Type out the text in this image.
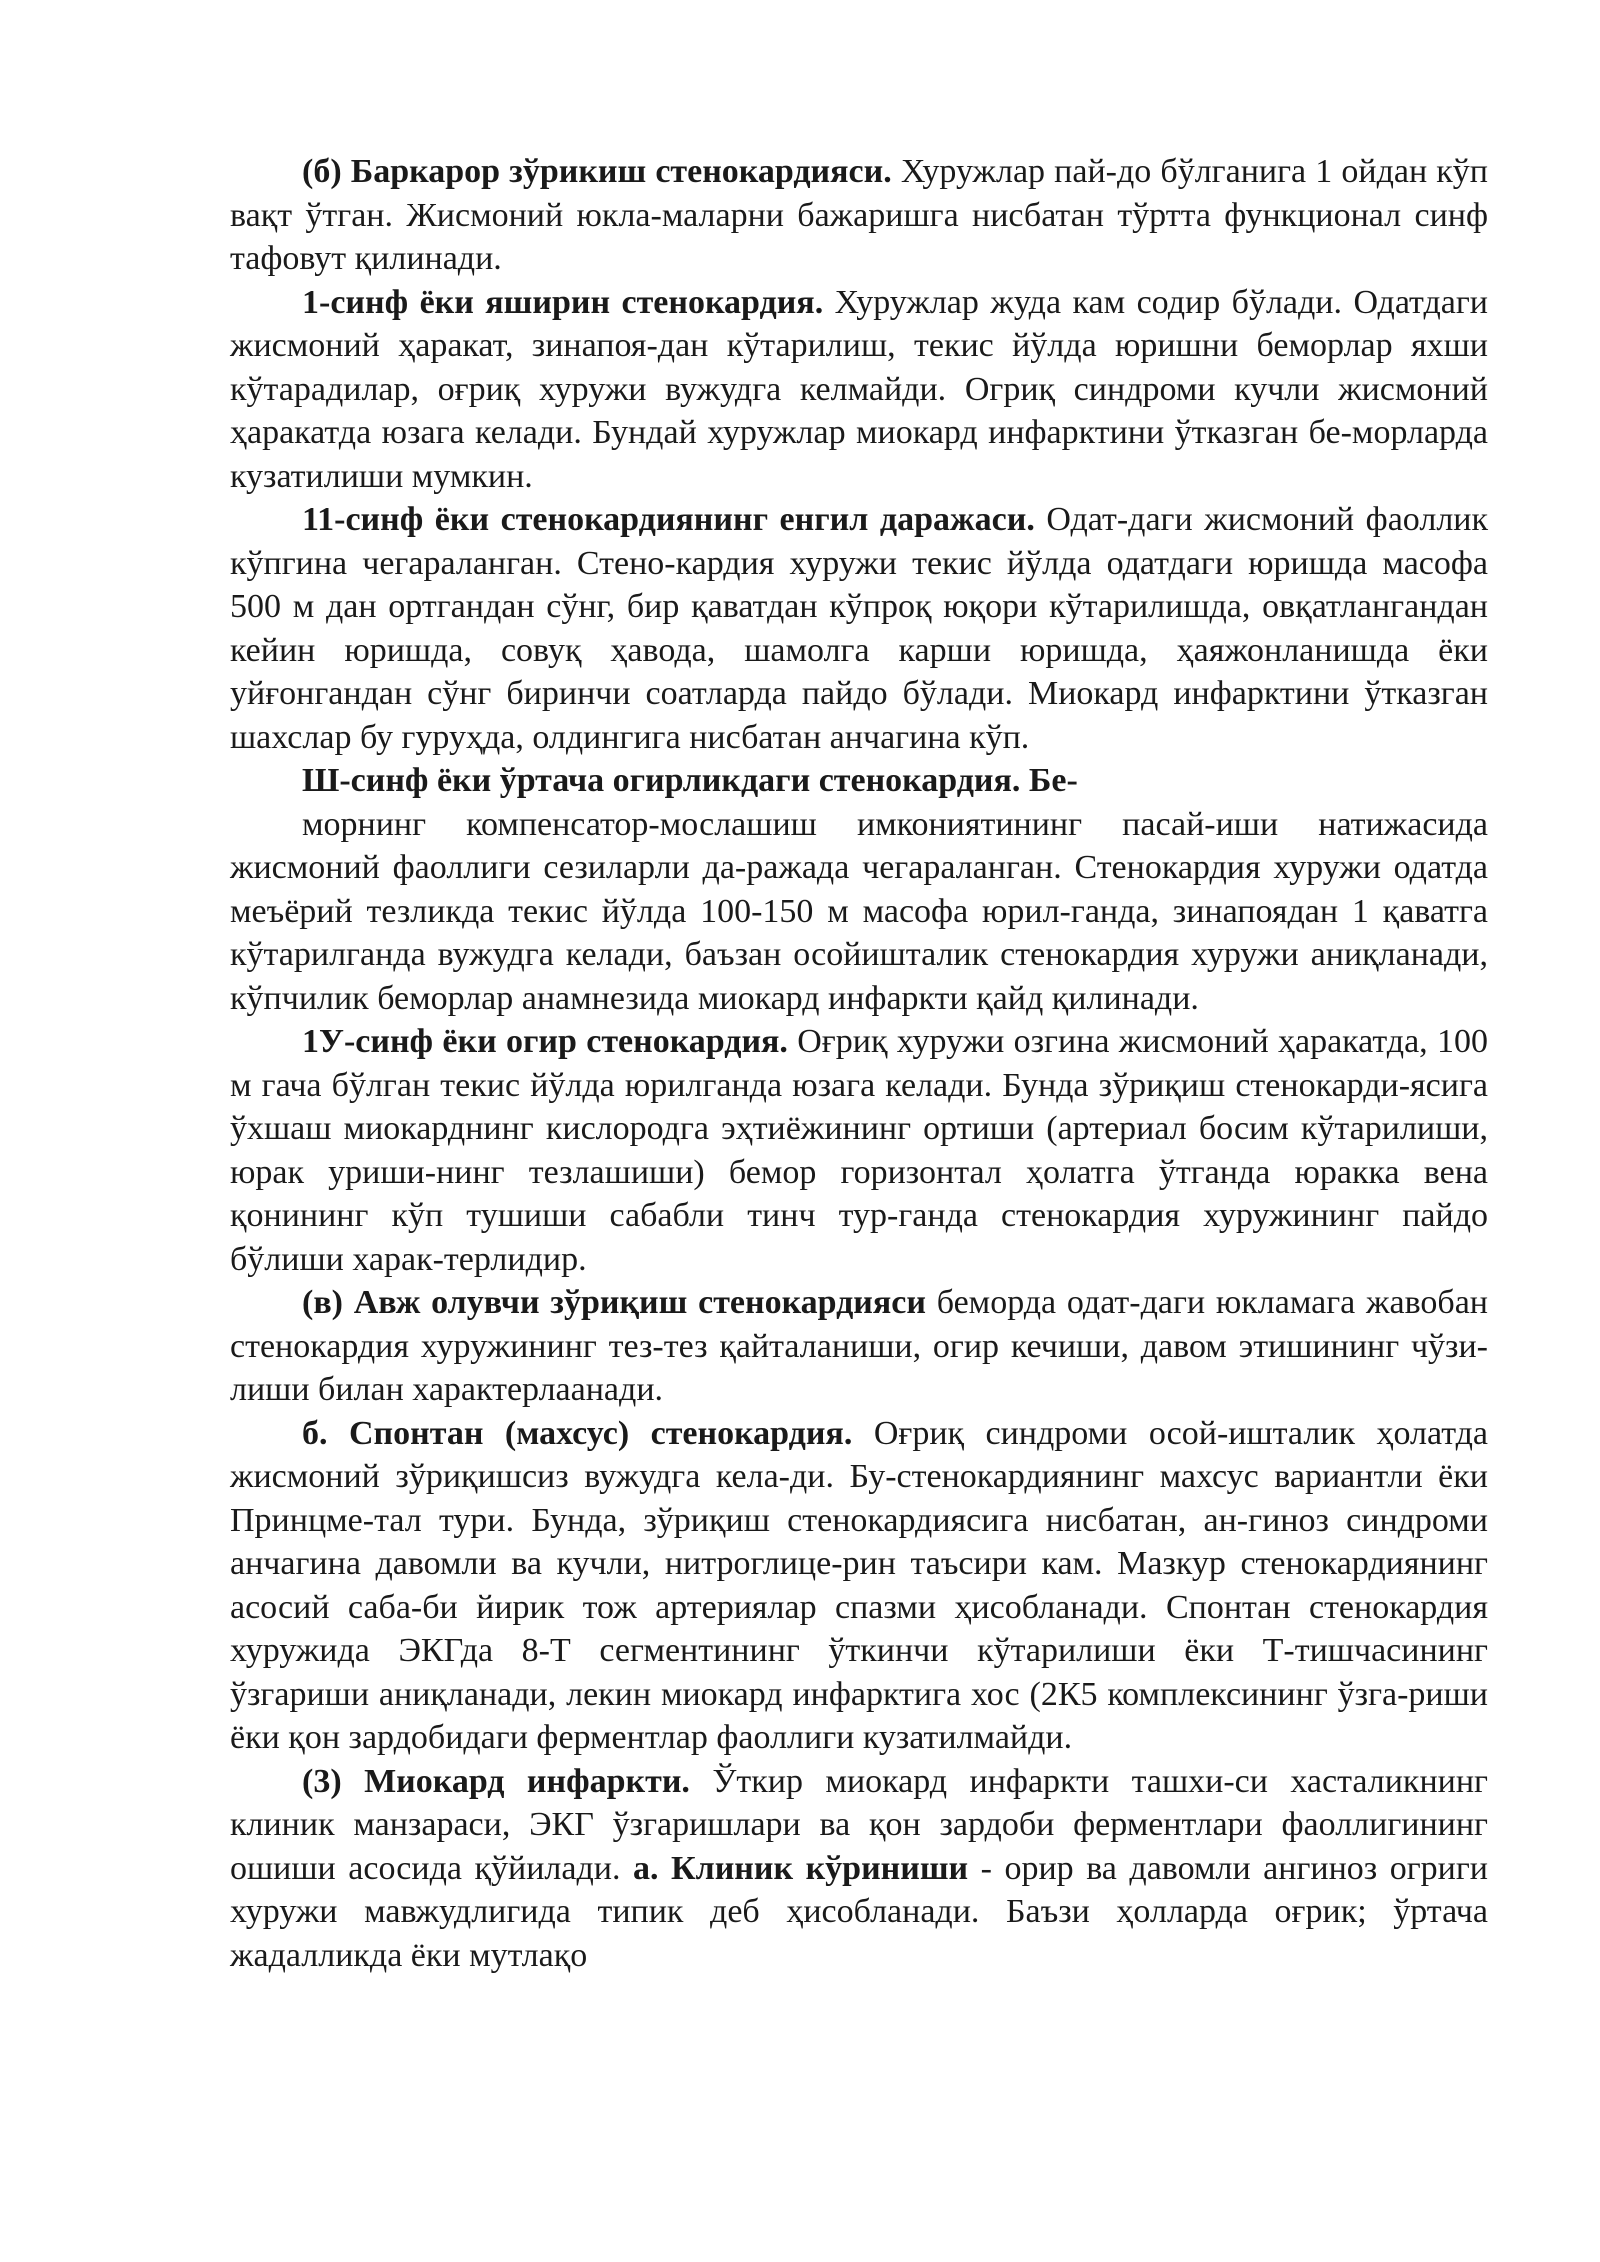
(б) Баркарор зўрикиш стенокардияси. Хуружлар пай-до бўлганига 1 ойдан кўп вақт ўтган. Жисмоний юкла-маларни бажаришга нисбатан тўртта функционал синф тафовут қилинади.

1-синф ёки яширин стенокардия. Хуружлар жуда кам содир бўлади. Одатдаги жисмоний ҳаракат, зинапоя-дан кўтарилиш, текис йўлда юришни беморлар яхши кўтарадилар, оғриқ хуружи вужудга келмайди. Огриқ синдроми кучли жисмоний ҳаракатда юзага келади. Бундай хуружлар миокард инфарктини ўтказган бе-морларда кузатилиши мумкин.

11-синф ёки стенокардиянинг енгил даражаси. Одат-даги жисмоний фаоллик кўпгина чегараланган. Стено-кардия хуружи текис йўлда одатдаги юришда масофа 500 м дан ортгандан сўнг, бир қаватдан кўпроқ юқори кўтарилишда, овқатлангандан кейин юришда, совуқ ҳавода, шамолга карши юришда, ҳаяжонланишда ёки уйғонгандан сўнг биринчи соатларда пайдо бўлади. Миокард инфарктини ўтказган шахслар бу гуруҳда, олдингига нисбатан анчагина кўп.

Ш-синф ёки ўртача огирликдаги стенокардия. Бе-

морнинг компенсатор-мослашиш имкониятининг пасай-иши натижасида жисмоний фаоллиги сезиларли да-ражада чегараланган. Стенокардия хуружи одатда меъёрий тезликда текис йўлда 100-150 м масофа юрил-ганда, зинапоядан 1 қаватга кўтарилганда вужудга келади, баъзан осойишталик стенокардия хуружи аниқланади, кўпчилик беморлар анамнезида миокард инфаркти қайд қилинади.

1У-синф ёки огир стенокардия. Оғриқ хуружи озгина жисмоний ҳаракатда, 100 м гача бўлган текис йўлда юрилганда юзага келади. Бунда зўриқиш стенокарди-ясига ўхшаш миокарднинг кислородга эҳтиёжининг ортиши (артериал босим кўтарилиши, юрак уриши-нинг тезлашиши) бемор горизонтал ҳолатга ўтганда юракка вена қонининг кўп тушиши сабабли тинч тур-ганда стенокардия хуружининг пайдо бўлиши харак-терлидир.

(в) Авж олувчи зўриқиш стенокардияси беморда одат-даги юкламага жавобан стенокардия хуружининг тез-тез қайталаниши, огир кечиши, давом этишининг чўзи-лиши билан характерлаанади.

б. Спонтан (махсус) стенокардия. Оғриқ синдроми осой-ишталик ҳолатда жисмоний зўриқишсиз вужудга кела-ди. Бу-стенокардиянинг махсус вариантли ёки Принцме-тал тури. Бунда, зўриқиш стенокардиясига нисбатан, ан-гиноз синдроми анчагина давомли ва кучли, нитроглице-рин таъсири кам. Мазкур стенокардиянинг асосий саба-би йирик тож артериялар спазми ҳисобланади. Спонтан стенокардия хуружида ЭКГда 8-Т сегментининг ўткинчи кўтарилиши ёки Т-тишчасининг ўзгариши аниқланади, лекин миокард инфарктига хос (2К5 комплексининг ўзга-риши ёки қон зардобидаги ферментлар фаоллиги кузатилмайди.

(3) Миокард инфаркти. Ўткир миокард инфаркти ташхи-си хасталикнинг клиник манзараси, ЭКГ ўзгаришлари ва қон зардоби ферментлари фаоллигининг ошиши асосида қўйилади. а. Клиник кўриниши - орир ва давомли ангиноз огриги хуружи мавжудлигида типик деб ҳисобланади. Баъзи ҳолларда оғрик; ўртача жадалликда ёки мутлақо
